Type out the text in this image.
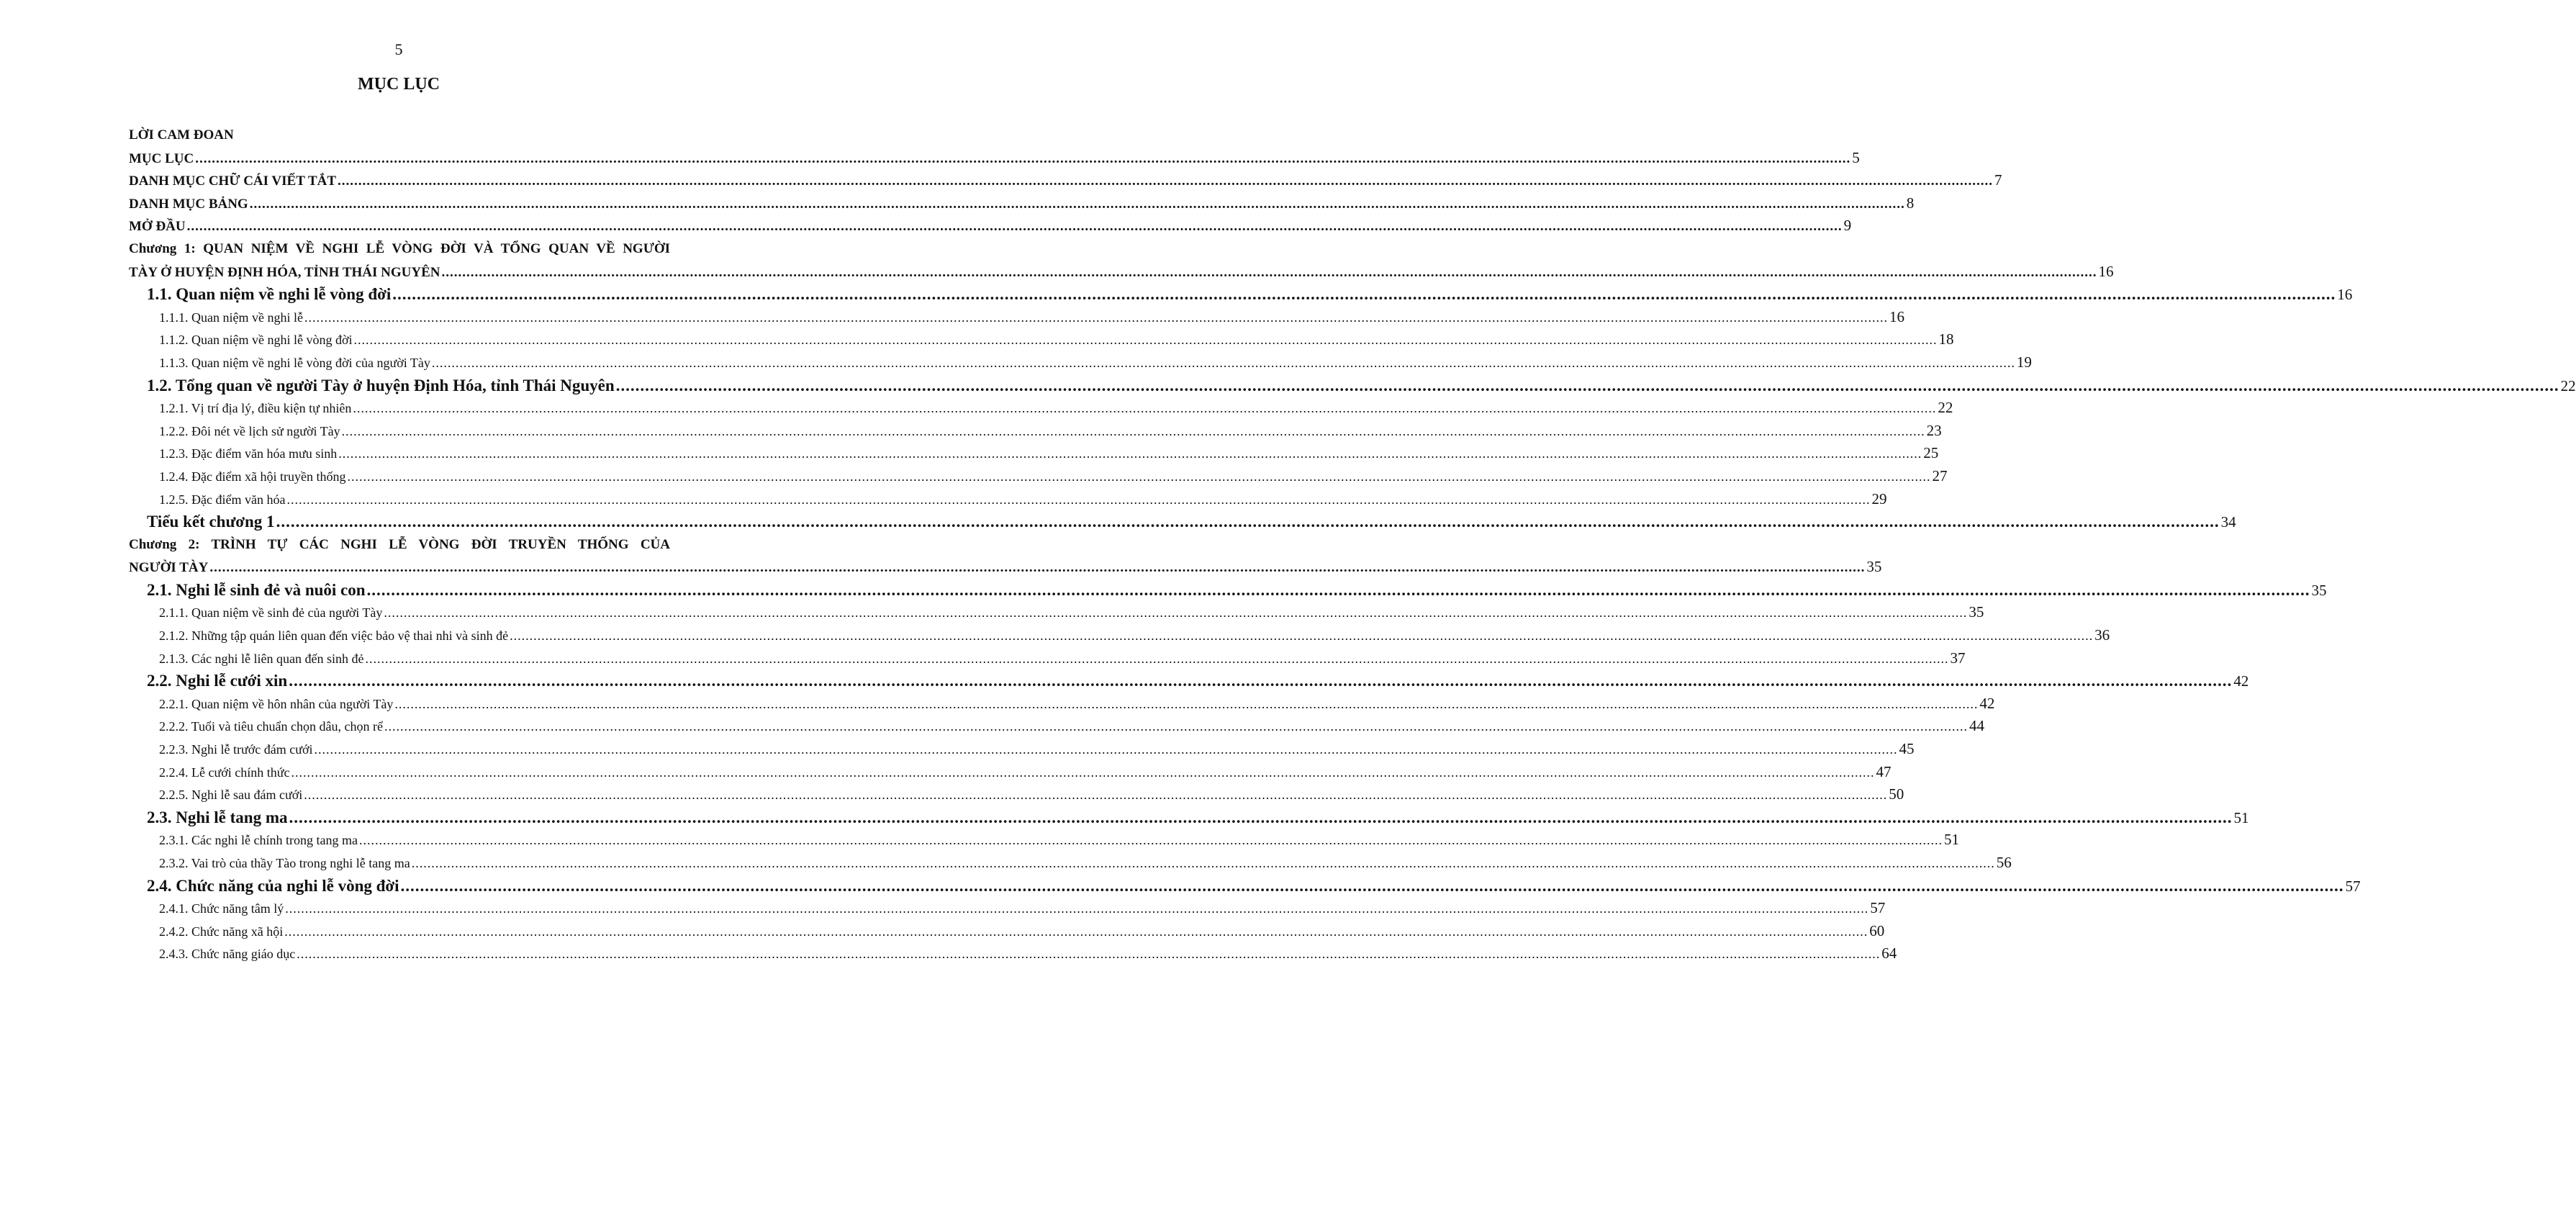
5
MỤC LỤC
LỜI CAM ĐOAN
MỤC LỤC ................................................................................................................................................................................................................................................................................................................................................................................................................ 5
DANH MỤC CHỮ CÁI VIẾT TẮT ................................................................................................................................................................................................................................................................................................................................................................................................................ 7
DANH MỤC BẢNG ................................................................................................................................................................................................................................................................................................................................................................................................................ 8
MỞ ĐẦU ................................................................................................................................................................................................................................................................................................................................................................................................................ 9
Chương 1: QUAN NIỆM VỀ NGHI LỄ VÒNG ĐỜI VÀ TỔNG QUAN VỀ NGƯỜI
TÀY Ở HUYỆN ĐỊNH HÓA, TỈNH THÁI NGUYÊN ................................................................................................................................................................................................................................................................................................................................................................................................................ 16
1.1. Quan niệm về nghi lễ vòng đời ................................................................................................................................................................................................................................................................................................................................................................................................................ 16
1.1.1. Quan niệm về nghi lễ ................................................................................................................................................................................................................................................................................................................................................................................................................ 16
1.1.2. Quan niệm về nghi lễ vòng đời ................................................................................................................................................................................................................................................................................................................................................................................................................ 18
1.1.3. Quan niệm về nghi lễ vòng đời của người Tày ................................................................................................................................................................................................................................................................................................................................................................................................................ 19
1.2. Tổng quan về người Tày ở huyện Định Hóa, tỉnh Thái Nguyên ................................................................................................................................................................................................................................................................................................................................................................................................................ 22
1.2.1. Vị trí địa lý, điều kiện tự nhiên ................................................................................................................................................................................................................................................................................................................................................................................................................ 22
1.2.2. Đôi nét về lịch sử người Tày ................................................................................................................................................................................................................................................................................................................................................................................................................ 23
1.2.3. Đặc điểm văn hóa mưu sinh ................................................................................................................................................................................................................................................................................................................................................................................................................ 25
1.2.4. Đặc điểm xã hội truyền thống ................................................................................................................................................................................................................................................................................................................................................................................................................ 27
1.2.5. Đặc điểm văn hóa ................................................................................................................................................................................................................................................................................................................................................................................................................ 29
Tiểu kết chương 1 ................................................................................................................................................................................................................................................................................................................................................................................................................ 34
Chương 2: TRÌNH TỰ CÁC NGHI LỄ VÒNG ĐỜI TRUYỀN THỐNG CỦA
NGƯỜI TÀY ................................................................................................................................................................................................................................................................................................................................................................................................................ 35
2.1. Nghi lễ sinh đẻ và nuôi con ................................................................................................................................................................................................................................................................................................................................................................................................................ 35
2.1.1. Quan niệm về sinh đẻ của người Tày ................................................................................................................................................................................................................................................................................................................................................................................................................ 35
2.1.2. Những tập quán liên quan đến việc bảo vệ thai nhi và sinh đẻ ................................................................................................................................................................................................................................................................................................................................................................................................................ 36
2.1.3. Các nghi lễ liên quan đến sinh đẻ ................................................................................................................................................................................................................................................................................................................................................................................................................ 37
2.2. Nghi lễ cưới xin ................................................................................................................................................................................................................................................................................................................................................................................................................ 42
2.2.1. Quan niệm về hôn nhân của người Tày ................................................................................................................................................................................................................................................................................................................................................................................................................ 42
2.2.2. Tuổi và tiêu chuẩn chọn dâu, chọn rể ................................................................................................................................................................................................................................................................................................................................................................................................................ 44
2.2.3. Nghi lễ trước đám cưới ................................................................................................................................................................................................................................................................................................................................................................................................................ 45
2.2.4. Lễ cưới chính thức ................................................................................................................................................................................................................................................................................................................................................................................................................ 47
2.2.5. Nghi lễ sau đám cưới ................................................................................................................................................................................................................................................................................................................................................................................................................ 50
2.3. Nghi lễ tang ma ................................................................................................................................................................................................................................................................................................................................................................................................................ 51
2.3.1. Các nghi lễ chính trong tang ma ................................................................................................................................................................................................................................................................................................................................................................................................................ 51
2.3.2. Vai trò của thầy Tào trong nghi lễ tang ma ................................................................................................................................................................................................................................................................................................................................................................................................................ 56
2.4. Chức năng của nghi lễ vòng đời ................................................................................................................................................................................................................................................................................................................................................................................................................ 57
2.4.1. Chức năng tâm lý ................................................................................................................................................................................................................................................................................................................................................................................................................ 57
2.4.2. Chức năng xã hội ................................................................................................................................................................................................................................................................................................................................................................................................................ 60
2.4.3. Chức năng giáo dục ................................................................................................................................................................................................................................................................................................................................................................................................................ 64
